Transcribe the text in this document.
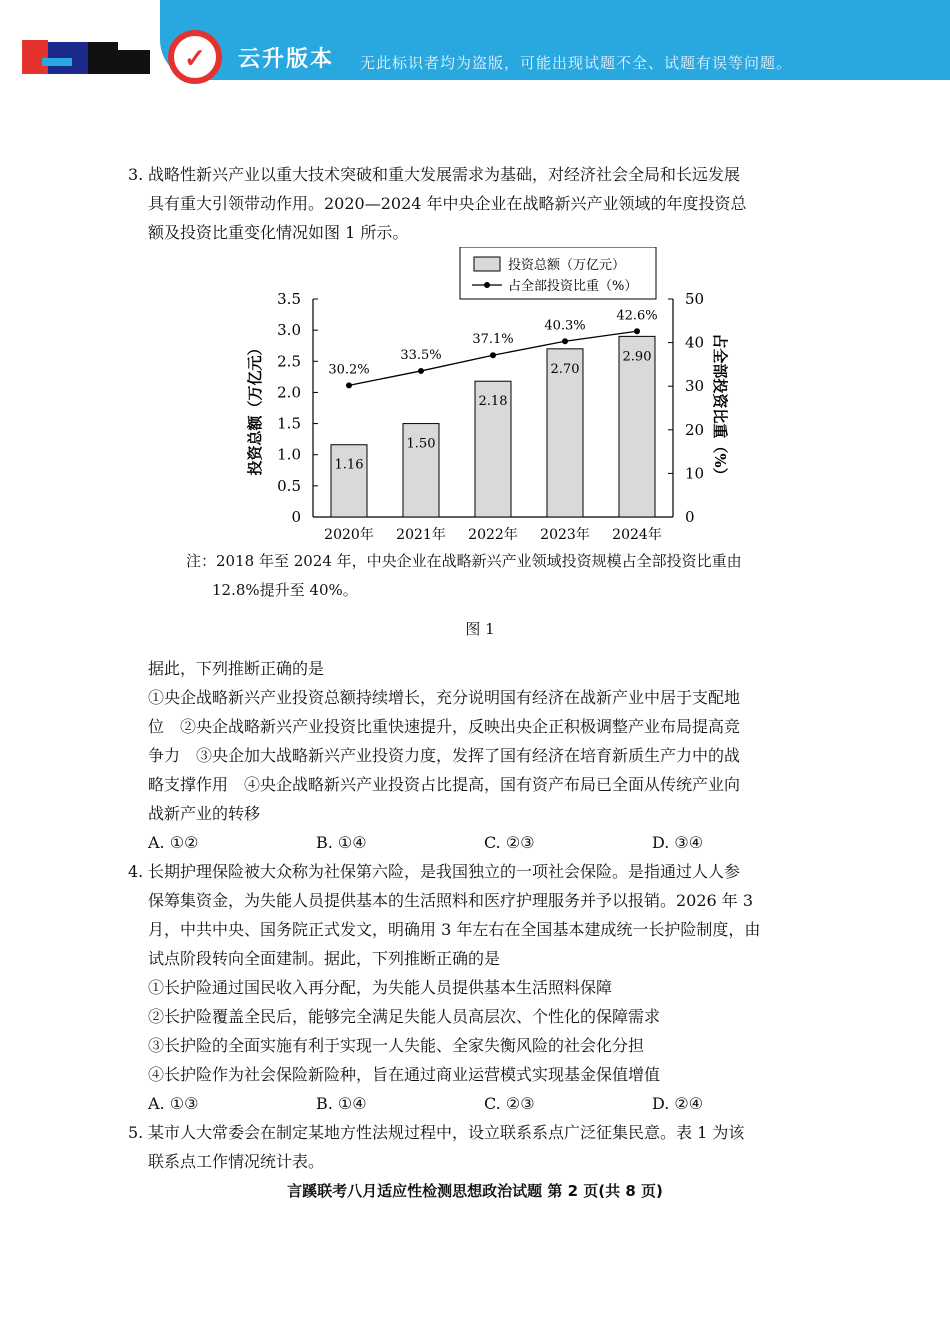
✓ 云升版本 无此标识者均为盗版，可能出现试题不全、试题有误等问题。
3. 战略性新兴产业以重大技术突破和重大发展需求为基础，对经济社会全局和长远发展
具有重大引领带动作用。2020—2024 年中央企业在战略新兴产业领域的年度投资总
额及投资比重变化情况如图 1 所示。
0
0.5
1.0
1.5
2.0
2.5
3.0
3.5
0
10
20
30
40
50
投资总额（万亿元）	占全部投资比重（%）
1.16
2020年
1.50
2021年
2.18
2022年
2.70
2023年
2.90
2024年
30.2%
33.5%
37.1%
40.3%
42.6%
投资总额（万亿元）
占全部投资比重（%）
注：2018 年至 2024 年，中央企业在战略新兴产业领域投资规模占全部投资比重由
12.8%提升至 40%。
图 1
据此，下列推断正确的是
①央企战略新兴产业投资总额持续增长，充分说明国有经济在战新产业中居于支配地
位　②央企战略新兴产业投资比重快速提升，反映出央企正积极调整产业布局提高竞
争力　③央企加大战略新兴产业投资力度，发挥了国有经济在培育新质生产力中的战
略支撑作用　④央企战略新兴产业投资占比提高，国有资产布局已全面从传统产业向
战新产业的转移
A. ①②	B. ①④	C. ②③	D. ③④
4. 长期护理保险被大众称为社保第六险，是我国独立的一项社会保险。是指通过人人参
保筹集资金，为失能人员提供基本的生活照料和医疗护理服务并予以报销。2026 年 3
月，中共中央、国务院正式发文，明确用 3 年左右在全国基本建成统一长护险制度，由
试点阶段转向全面建制。据此，下列推断正确的是
①长护险通过国民收入再分配，为失能人员提供基本生活照料保障
②长护险覆盖全民后，能够完全满足失能人员高层次、个性化的保障需求
③长护险的全面实施有利于实现一人失能、全家失衡风险的社会化分担
④长护险作为社会保险新险种，旨在通过商业运营模式实现基金保值增值
A. ①③	B. ①④	C. ②③	D. ②④
5. 某市人大常委会在制定某地方性法规过程中，设立联系系点广泛征集民意。表 1 为该
联系点工作情况统计表。
言蹊联考八月适应性检测思想政治试题 第 2 页(共 8 页)
